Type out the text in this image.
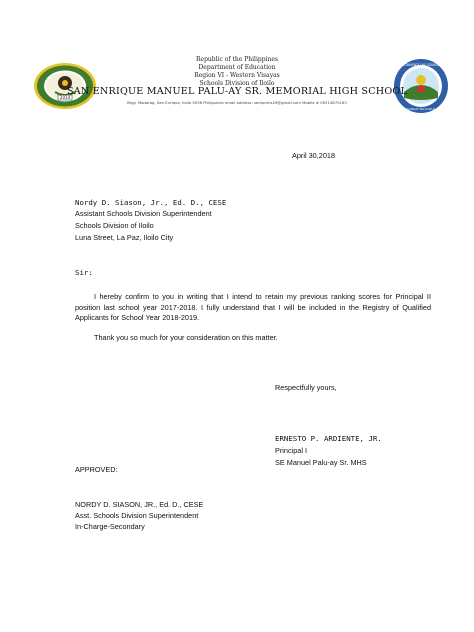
2014
DEPARTAMENTO NG EDUKASYON
SANGAY NG ILOILO
Republic of the Philippines
Department of Education
Region VI - Western Visayas
Schools Division of Iloilo
SAN ENRIQUE MANUEL PALU-AY SR. MEMORIAL HIGH SCHOOL
Brgy. Madarag, San Enrique, Iloilo 5036 Philippines email address: sempmhs29@gmail.com Mobile # 09214670183
April 30,2018
Nordy D. Siason, Jr., Ed. D., CESE
Assistant Schools Division Superintendent
Schools Division of Iloilo
Luna Street, La Paz, Iloilo City
Sir:
I hereby confirm to you in writing that I intend to retain my previous ranking scores for Principal II position last school year 2017-2018. I fully understand that I will be included in the Registry of Qualified Applicants for School Year 2018-2019.
Thank you so much for your consideration on this matter.
Respectfully yours,
ERNESTO P. ARDIENTE, JR.
Principal I
SE Manuel Palu-ay Sr. MHS
APPROVED:
NORDY D. SIASON, JR., Ed. D., CESE
Asst. Schools Division Superintendent
In-Charge-Secondary
